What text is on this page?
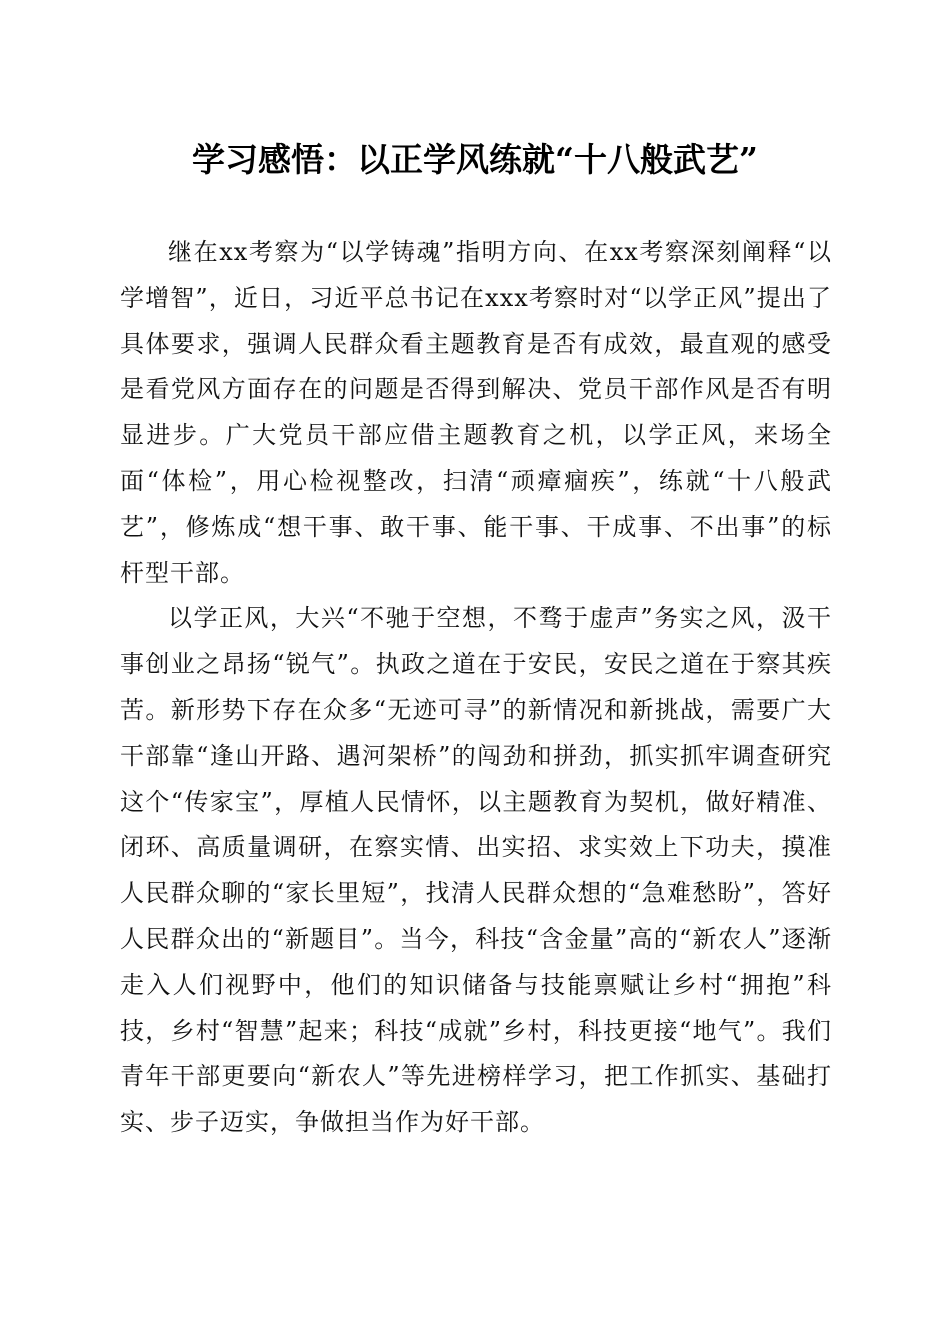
学习感悟：以正学风练就“十八般武艺”

继在xx考察为“以学铸魂”指明方向、在xx考察深刻阐释“以学增智”，近日，习近平总书记在xxx考察时对“以学正风”提出了具体要求，强调人民群众看主题教育是否有成效，最直观的感受是看党风方面存在的问题是否得到解决、党员干部作风是否有明显进步。广大党员干部应借主题教育之机，以学正风，来场全面“体检”，用心检视整改，扫清“顽瘴痼疾”，练就“十八般武艺”，修炼成“想干事、敢干事、能干事、干成事、不出事”的标杆型干部。

以学正风，大兴“不驰于空想，不骛于虚声”务实之风，汲干事创业之昂扬“锐气”。执政之道在于安民，安民之道在于察其疾苦。新形势下存在众多“无迹可寻”的新情况和新挑战，需要广大干部靠“逢山开路、遇河架桥”的闯劲和拼劲，抓实抓牢调查研究这个“传家宝”，厚植人民情怀，以主题教育为契机，做好精准、闭环、高质量调研，在察实情、出实招、求实效上下功夫，摸准人民群众聊的“家长里短”，找清人民群众想的“急难愁盼”，答好人民群众出的“新题目”。当今，科技“含金量”高的“新农人”逐渐走入人们视野中，他们的知识储备与技能禀赋让乡村“拥抱”科技，乡村“智慧”起来；科技“成就”乡村，科技更接“地气”。我们青年干部更要向“新农人”等先进榜样学习，把工作抓实、基础打实、步子迈实，争做担当作为好干部。
